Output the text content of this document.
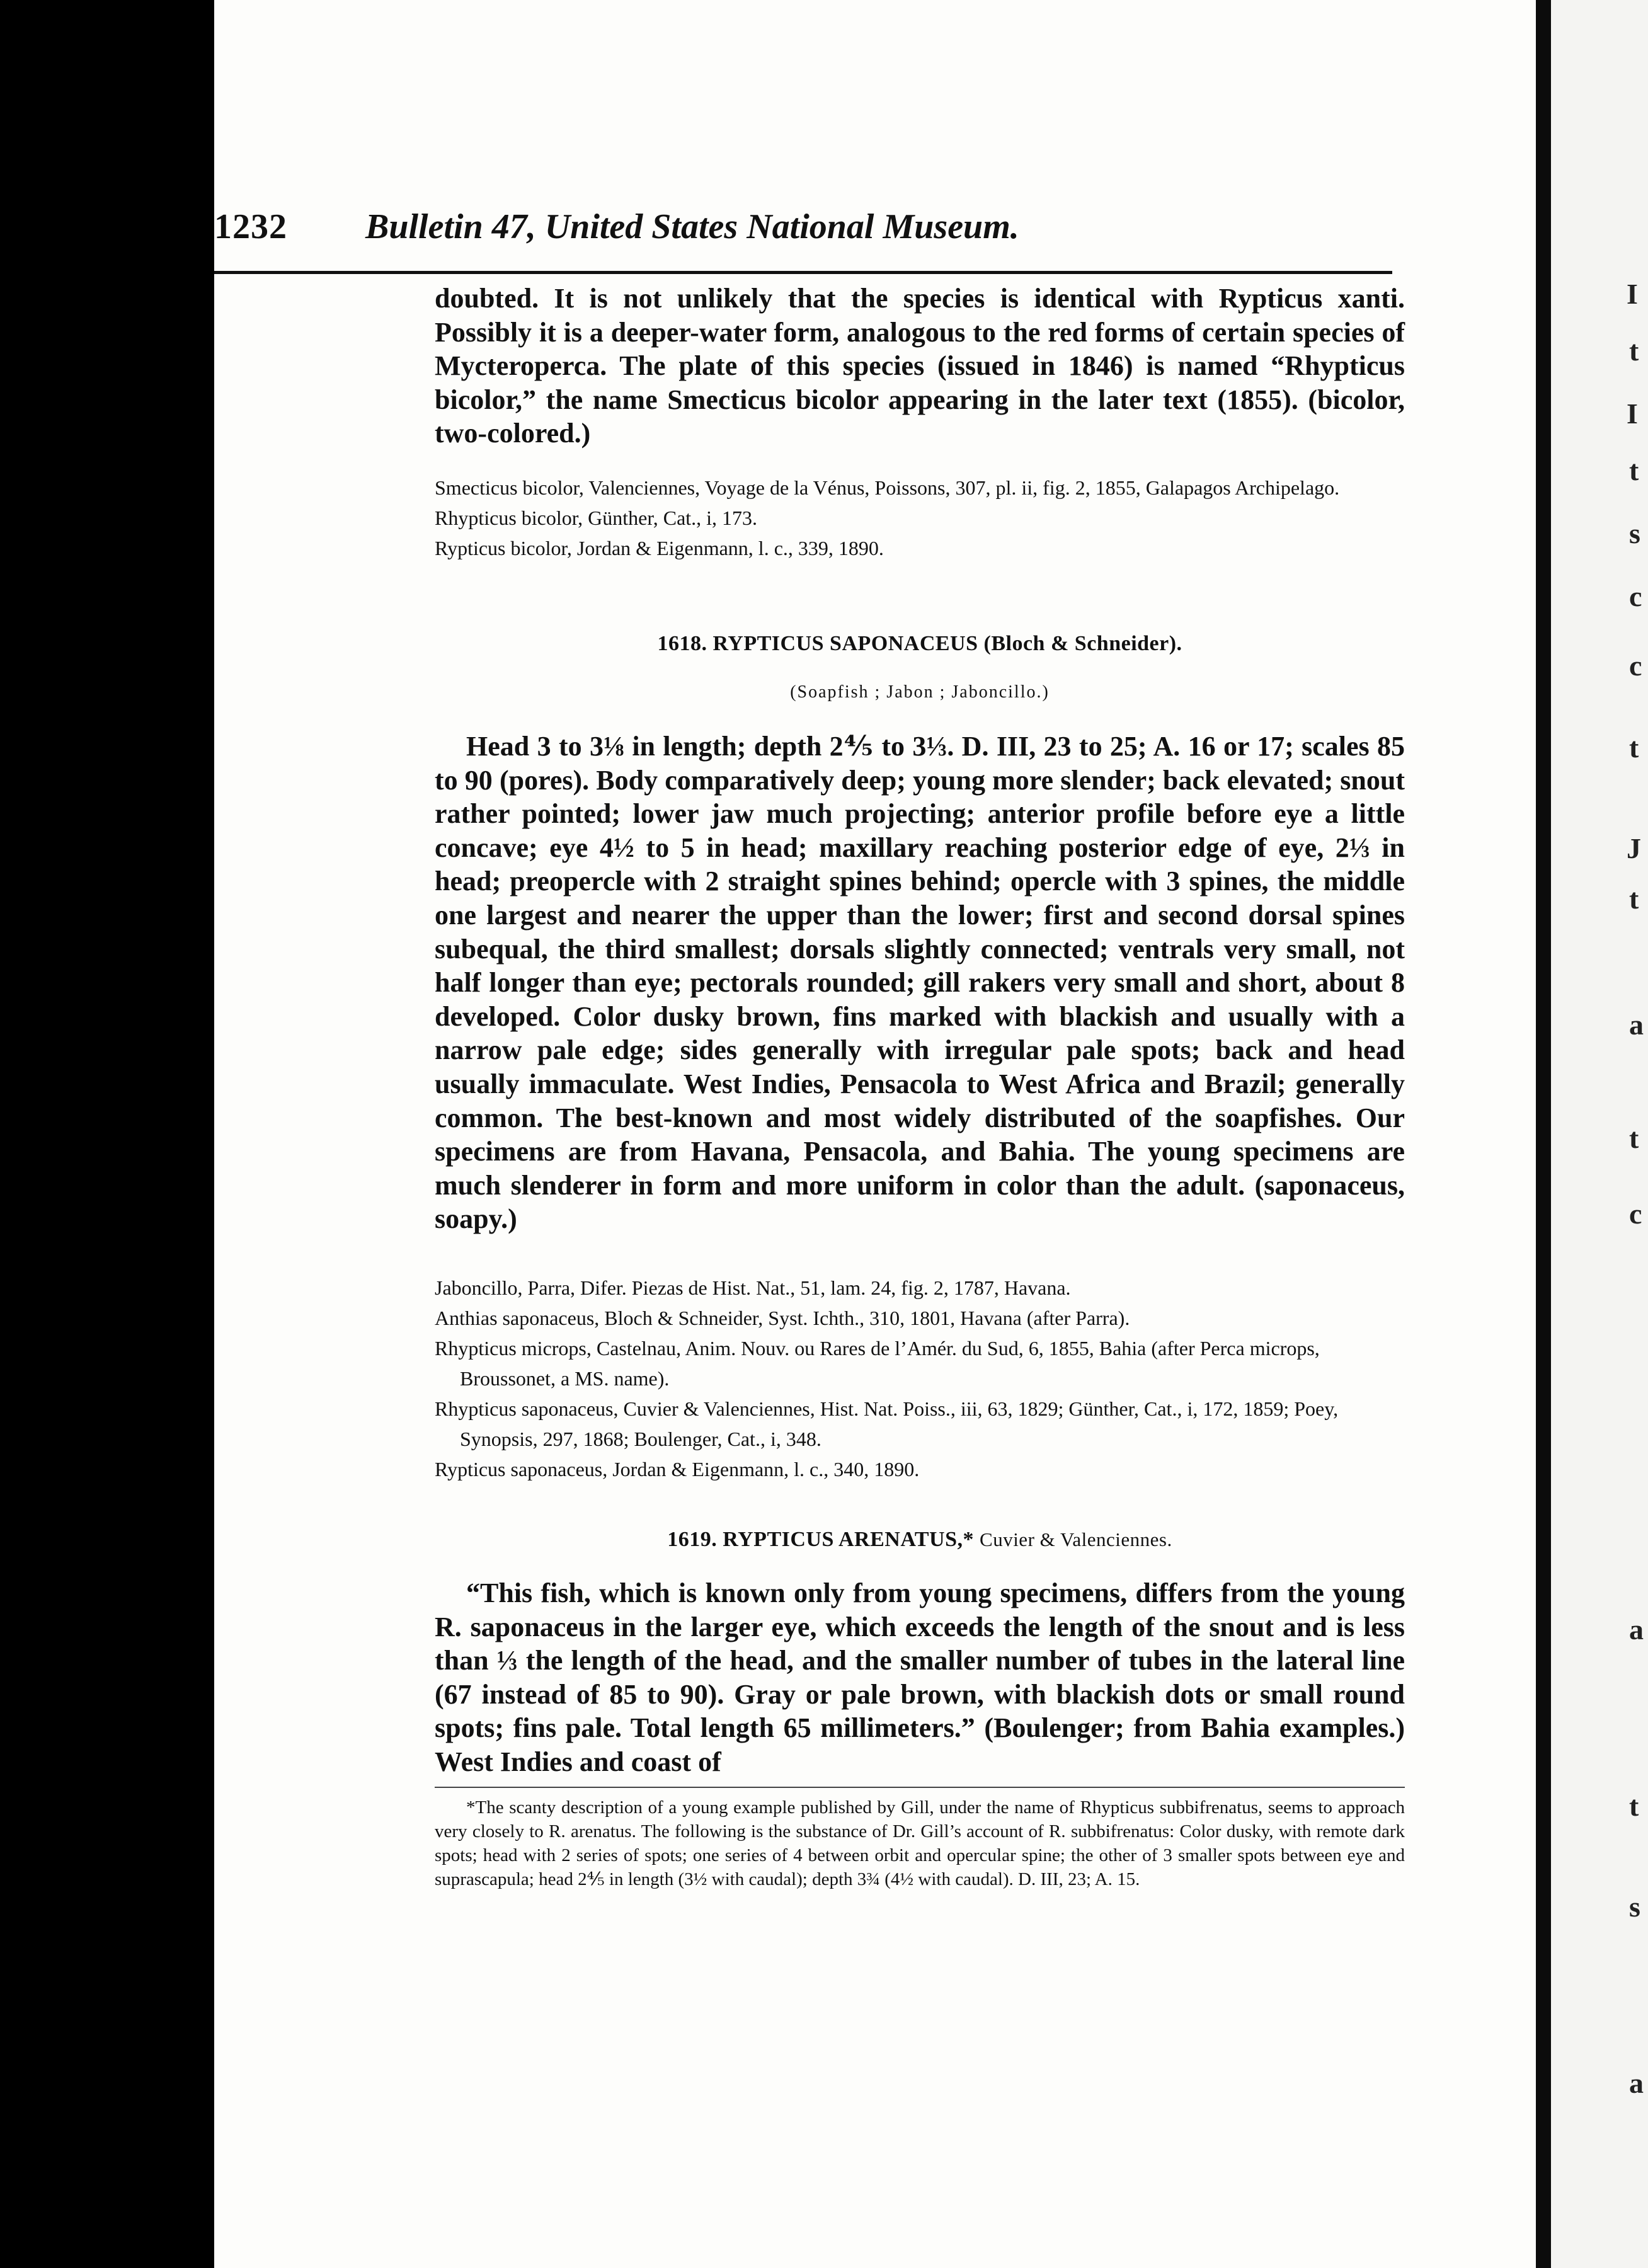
I
t
I
t
s
c
c
t
J
t
a
t
c
a
t
s
a
1232 Bulletin 47, United States National Museum.

doubted. It is not unlikely that the species is identical with Rypticus xanti. Possibly it is a deeper-water form, analogous to the red forms of certain species of Mycteroperca. The plate of this species (issued in 1846) is named “Rhypticus bicolor,” the name Smecticus bicolor appearing in the later text (1855). (bicolor, two-colored.)

Smecticus bicolor, Valenciennes, Voyage de la Vénus, Poissons, 307, pl. ii, fig. 2, 1855, Galapagos Archipelago.
Rhypticus bicolor, Günther, Cat., i, 173.
Rypticus bicolor, Jordan & Eigenmann, l. c., 339, 1890.
1618. RYPTICUS SAPONACEUS (Bloch & Schneider).
(Soapfish ; Jabon ; Jaboncillo.)

Head 3 to 3⅛ in length; depth 2⅘ to 3⅓. D. III, 23 to 25; A. 16 or 17; scales 85 to 90 (pores). Body comparatively deep; young more slender; back elevated; snout rather pointed; lower jaw much projecting; anterior profile before eye a little concave; eye 4½ to 5 in head; maxillary reaching posterior edge of eye, 2⅓ in head; preopercle with 2 straight spines behind; opercle with 3 spines, the middle one largest and nearer the upper than the lower; first and second dorsal spines subequal, the third smallest; dorsals slightly connected; ventrals very small, not half longer than eye; pectorals rounded; gill rakers very small and short, about 8 developed. Color dusky brown, fins marked with blackish and usually with a narrow pale edge; sides generally with irregular pale spots; back and head usually immaculate. West Indies, Pensacola to West Africa and Brazil; generally common. The best-known and most widely distributed of the soapfishes. Our specimens are from Havana, Pensacola, and Bahia. The young specimens are much slenderer in form and more uniform in color than the adult. (saponaceus, soapy.)

Jaboncillo, Parra, Difer. Piezas de Hist. Nat., 51, lam. 24, fig. 2, 1787, Havana.
Anthias saponaceus, Bloch & Schneider, Syst. Ichth., 310, 1801, Havana (after Parra).
Rhypticus microps, Castelnau, Anim. Nouv. ou Rares de l’Amér. du Sud, 6, 1855, Bahia (after Perca microps, Broussonet, a MS. name).
Rhypticus saponaceus, Cuvier & Valenciennes, Hist. Nat. Poiss., iii, 63, 1829; Günther, Cat., i, 172, 1859; Poey, Synopsis, 297, 1868; Boulenger, Cat., i, 348.
Rypticus saponaceus, Jordan & Eigenmann, l. c., 340, 1890.
1619. RYPTICUS ARENATUS,* Cuvier & Valenciennes.

“This fish, which is known only from young specimens, differs from the young R. saponaceus in the larger eye, which exceeds the length of the snout and is less than ⅓ the length of the head, and the smaller number of tubes in the lateral line (67 instead of 85 to 90). Gray or pale brown, with blackish dots or small round spots; fins pale. Total length 65 millimeters.” (Boulenger; from Bahia examples.) West Indies and coast of

*The scanty description of a young example published by Gill, under the name of Rhypticus subbifrenatus, seems to approach very closely to R. arenatus. The following is the substance of Dr. Gill’s account of R. subbifrenatus: Color dusky, with remote dark spots; head with 2 series of spots; one series of 4 between orbit and opercular spine; the other of 3 smaller spots between eye and suprascapula; head 2⅘ in length (3½ with caudal); depth 3¾ (4½ with caudal). D. III, 23; A. 15.
